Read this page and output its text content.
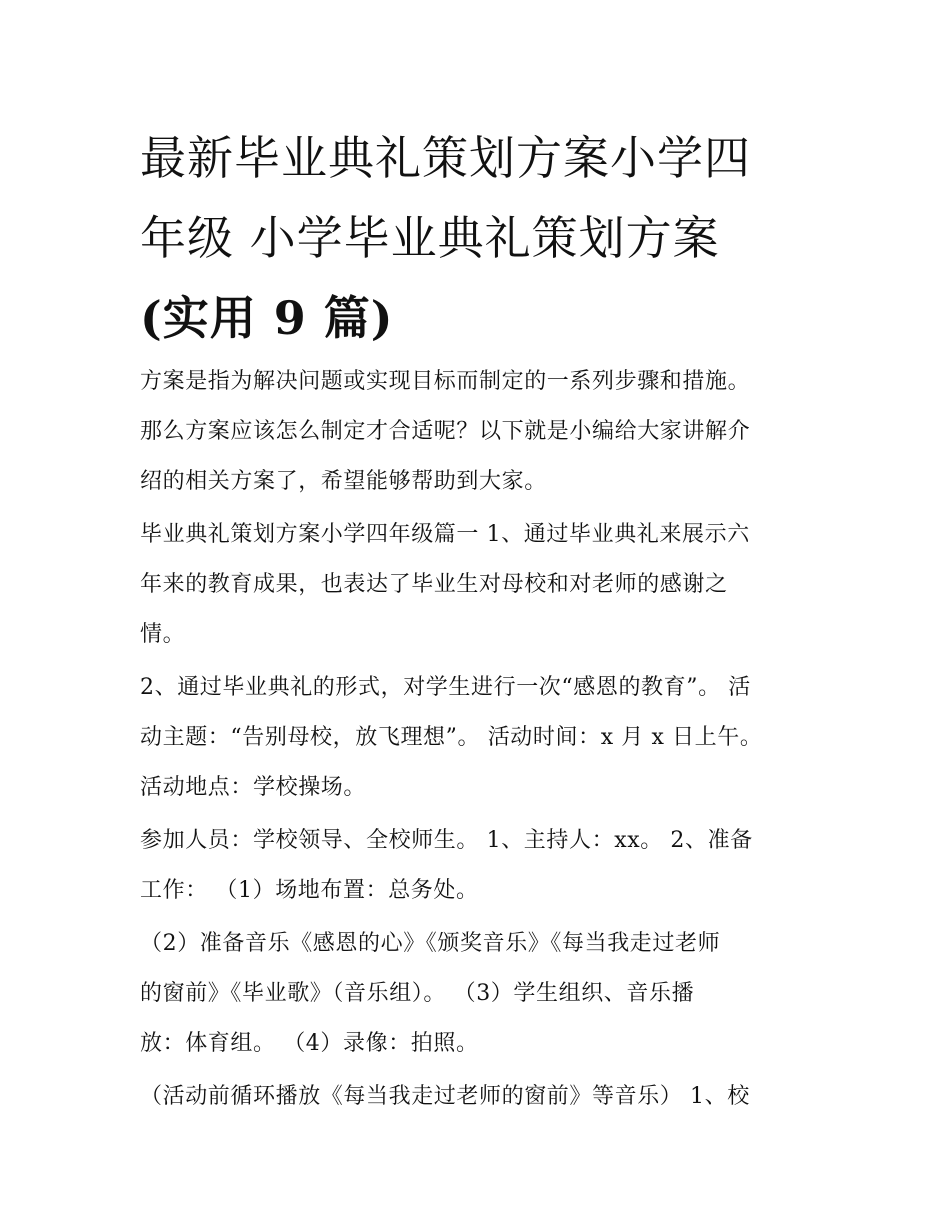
最新毕业典礼策划方案小学四
年级 小学毕业典礼策划方案
(实用 9 篇)

方案是指为解决问题或实现目标而制定的一系列步骤和措施。
那么方案应该怎么制定才合适呢？以下就是小编给大家讲解介
绍的相关方案了，希望能够帮助到大家。

毕业典礼策划方案小学四年级篇一 1、通过毕业典礼来展示六
年来的教育成果，也表达了毕业生对母校和对老师的感谢之
情。

2、通过毕业典礼的形式，对学生进行一次“感恩的教育”。 活
动主题：“告别母校，放飞理想”。 活动时间：x 月 x 日上午。
活动地点：学校操场。

参加人员：学校领导、全校师生。 1、主持人：xx。 2、准备
工作： （1）场地布置：总务处。

（2）准备音乐《感恩的心》《颁奖音乐》《每当我走过老师
的窗前》《毕业歌》（音乐组）。 （3）学生组织、音乐播
放：体育组。 （4）录像：拍照。

（活动前循环播放《每当我走过老师的窗前》等音乐） 1、校
